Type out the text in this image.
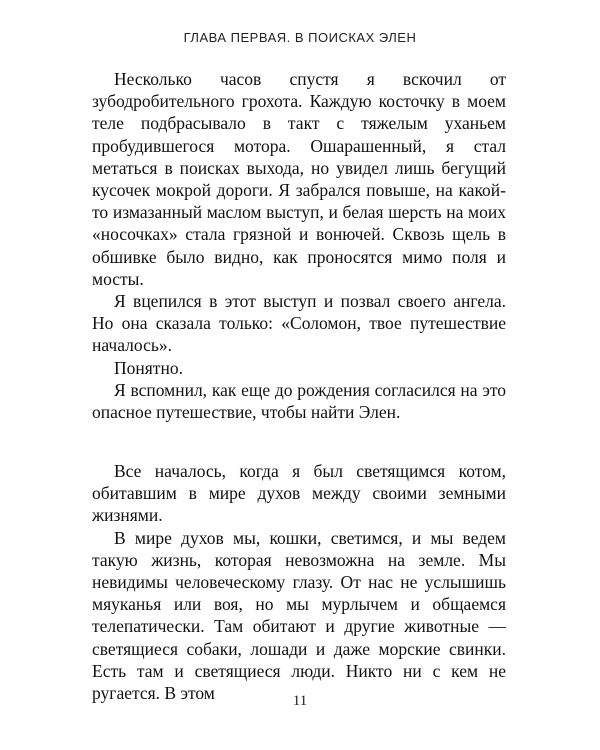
ГЛАВА ПЕРВАЯ. В ПОИСКАХ ЭЛЕН

Несколько часов спустя я вскочил от зубодробительного грохота. Каждую косточку в моем теле подбрасывало в такт с тяжелым уханьем пробудившегося мотора. Ошарашенный, я стал метаться в поисках выхода, но увидел лишь бегущий кусочек мокрой дороги. Я забрался повыше, на какой-то измазанный маслом выступ, и белая шерсть на моих «носочках» стала грязной и вонючей. Сквозь щель в обшивке было видно, как проносятся мимо поля и мосты.

Я вцепился в этот выступ и позвал своего ангела. Но она сказала только: «Соломон, твое путешествие началось».

Понятно.

Я вспомнил, как еще до рождения согласился на это опасное путешествие, чтобы найти Элен.

Все началось, когда я был светящимся котом, обитавшим в мире духов между своими земными жизнями.

В мире духов мы, кошки, светимся, и мы ведем такую жизнь, которая невозможна на земле. Мы невидимы человеческому глазу. От нас не услышишь мяуканья или воя, но мы мурлычем и общаемся телепатически. Там обитают и другие животные — светящиеся собаки, лошади и даже морские свинки. Есть там и светящиеся люди. Никто ни с кем не ругается. В этом	11
